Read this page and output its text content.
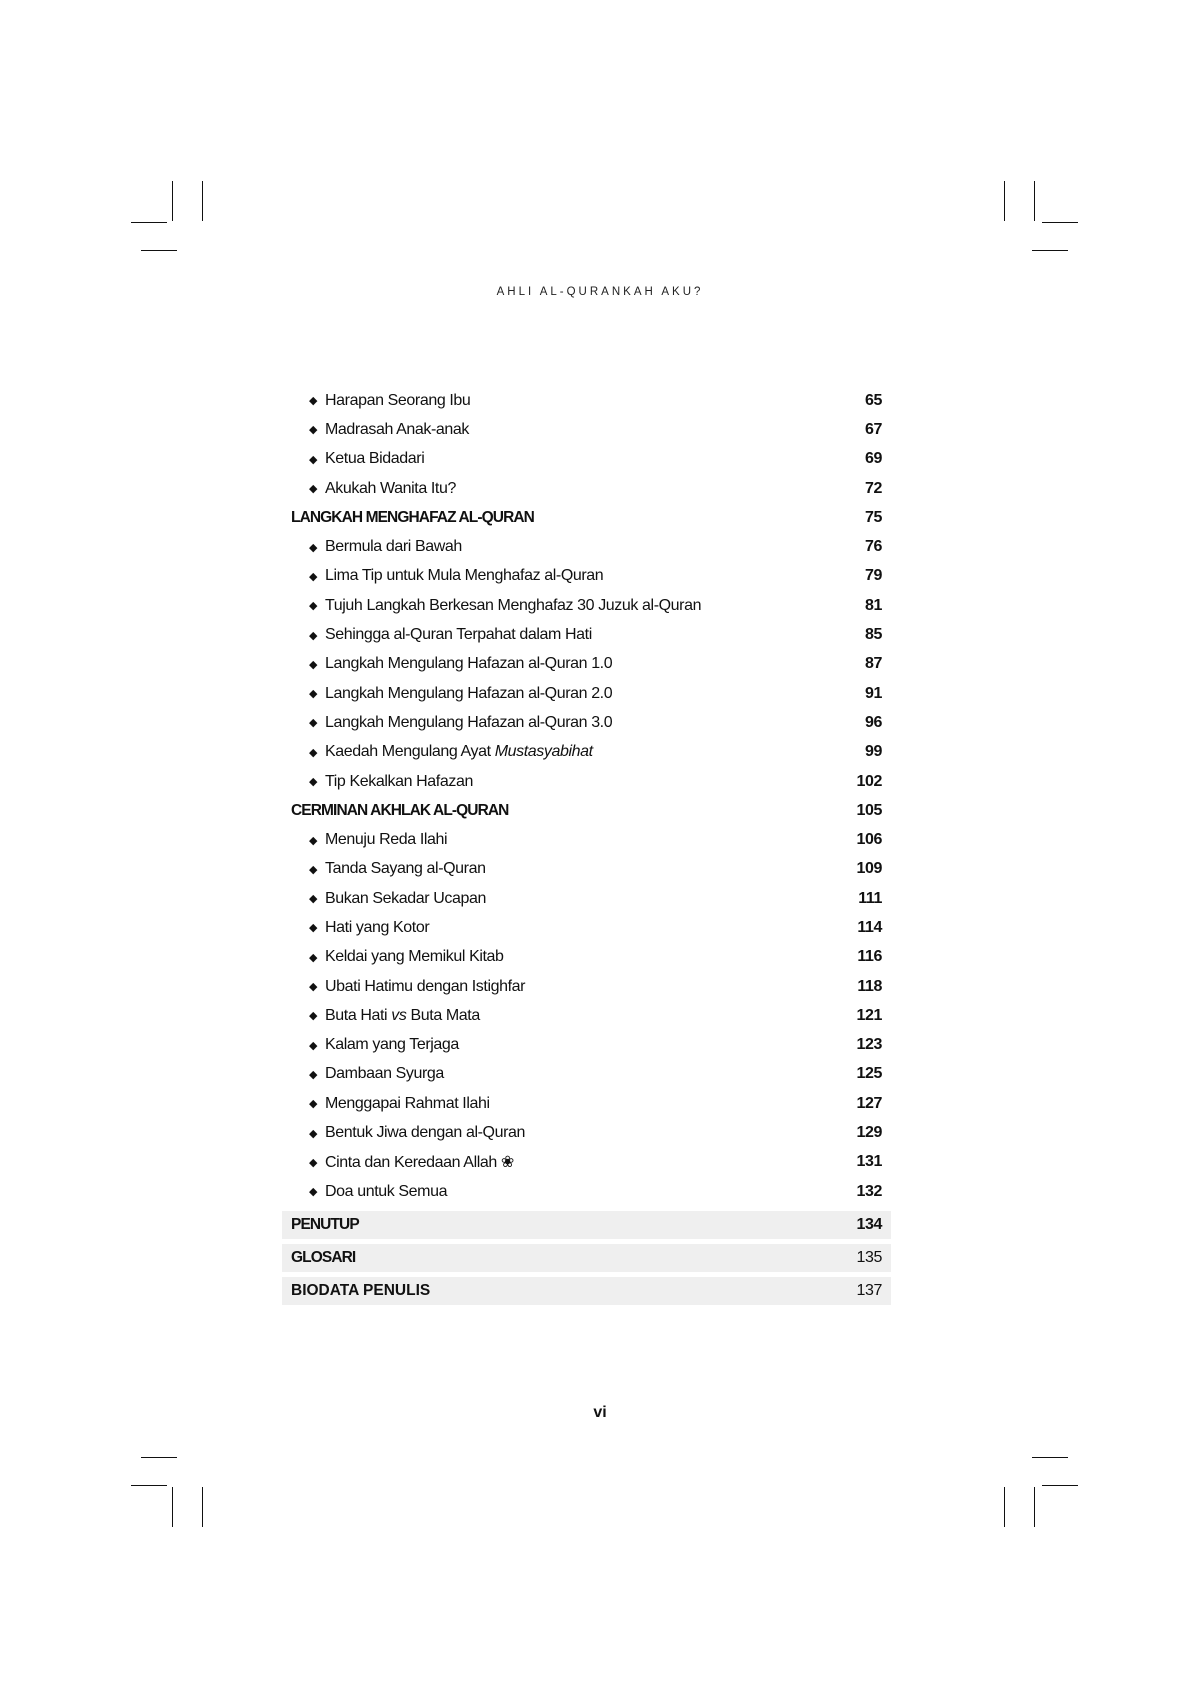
AHLI AL-QURANKAH AKU?
◆ Harapan Seorang Ibu	65
◆ Madrasah Anak-anak	67
◆ Ketua Bidadari	69
◆ Akukah Wanita Itu?	72
LANGKAH MENGHAFAZ AL-QURAN	75
◆ Bermula dari Bawah	76
◆ Lima Tip untuk Mula Menghafaz al-Quran	79
◆ Tujuh Langkah Berkesan Menghafaz 30 Juzuk al-Quran	81
◆ Sehingga al-Quran Terpahat dalam Hati	85
◆ Langkah Mengulang Hafazan al-Quran 1.0	87
◆ Langkah Mengulang Hafazan al-Quran 2.0	91
◆ Langkah Mengulang Hafazan al-Quran 3.0	96
◆ Kaedah Mengulang Ayat Mustasyabihat	99
◆ Tip Kekalkan Hafazan	102
CERMINAN AKHLAK AL-QURAN	105
◆ Menuju Reda Ilahi	106
◆ Tanda Sayang al-Quran	109
◆ Bukan Sekadar Ucapan	111
◆ Hati yang Kotor	114
◆ Keldai yang Memikul Kitab	116
◆ Ubati Hatimu dengan Istighfar	118
◆ Buta Hati vs Buta Mata	121
◆ Kalam yang Terjaga	123
◆ Dambaan Syurga	125
◆ Menggapai Rahmat Ilahi	127
◆ Bentuk Jiwa dengan al-Quran	129
◆ Cinta dan Keredaan Allah ❀	131
◆ Doa untuk Semua	132
PENUTUP	134
GLOSARI	135
BIODATA PENULIS	137
vi
